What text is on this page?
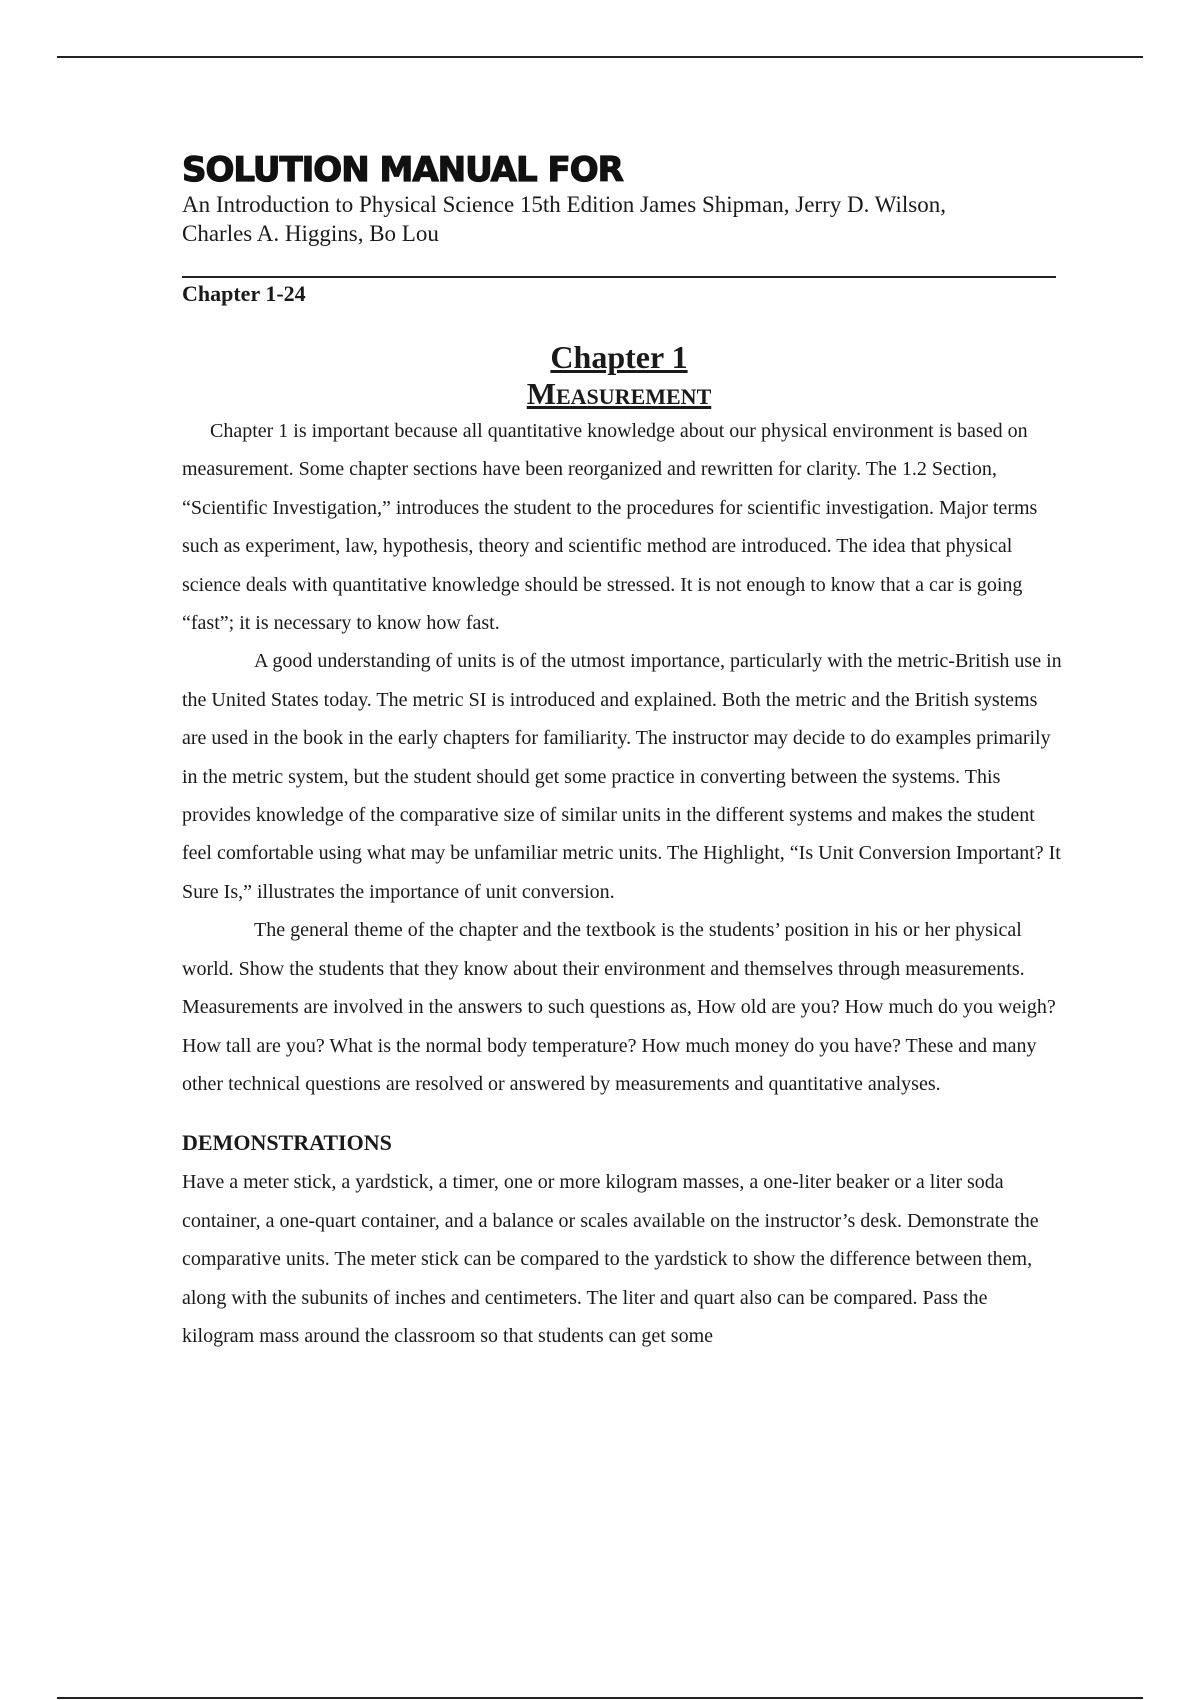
SOLUTION MANUAL FOR

An Introduction to Physical Science 15th Edition James Shipman, Jerry D. Wilson, Charles A. Higgins, Bo Lou

Chapter 1-24

Chapter 1
Measurement

Chapter 1 is important because all quantitative knowledge about our physical environment is based on measurement. Some chapter sections have been reorganized and rewritten for clarity. The 1.2 Section, “Scientific Investigation,” introduces the student to the procedures for scientific investigation. Major terms such as experiment, law, hypothesis, theory and scientific method are introduced. The idea that physical science deals with quantitative knowledge should be stressed. It is not enough to know that a car is going “fast”; it is necessary to know how fast.

A good understanding of units is of the utmost importance, particularly with the metric-British use in the United States today. The metric SI is introduced and explained. Both the metric and the British systems are used in the book in the early chapters for familiarity. The instructor may decide to do examples primarily in the metric system, but the student should get some practice in converting between the systems. This provides knowledge of the comparative size of similar units in the different systems and makes the student feel comfortable using what may be unfamiliar metric units. The Highlight, “Is Unit Conversion Important? It Sure Is,” illustrates the importance of unit conversion.

The general theme of the chapter and the textbook is the students’ position in his or her physical world. Show the students that they know about their environment and themselves through measurements. Measurements are involved in the answers to such questions as, How old are you? How much do you weigh? How tall are you? What is the normal body temperature? How much money do you have? These and many other technical questions are resolved or answered by measurements and quantitative analyses.

DEMONSTRATIONS

Have a meter stick, a yardstick, a timer, one or more kilogram masses, a one-liter beaker or a liter soda container, a one-quart container, and a balance or scales available on the instructor’s desk. Demonstrate the comparative units. The meter stick can be compared to the yardstick to show the difference between them, along with the subunits of inches and centimeters. The liter and quart also can be compared. Pass the kilogram mass around the classroom so that students can get some
